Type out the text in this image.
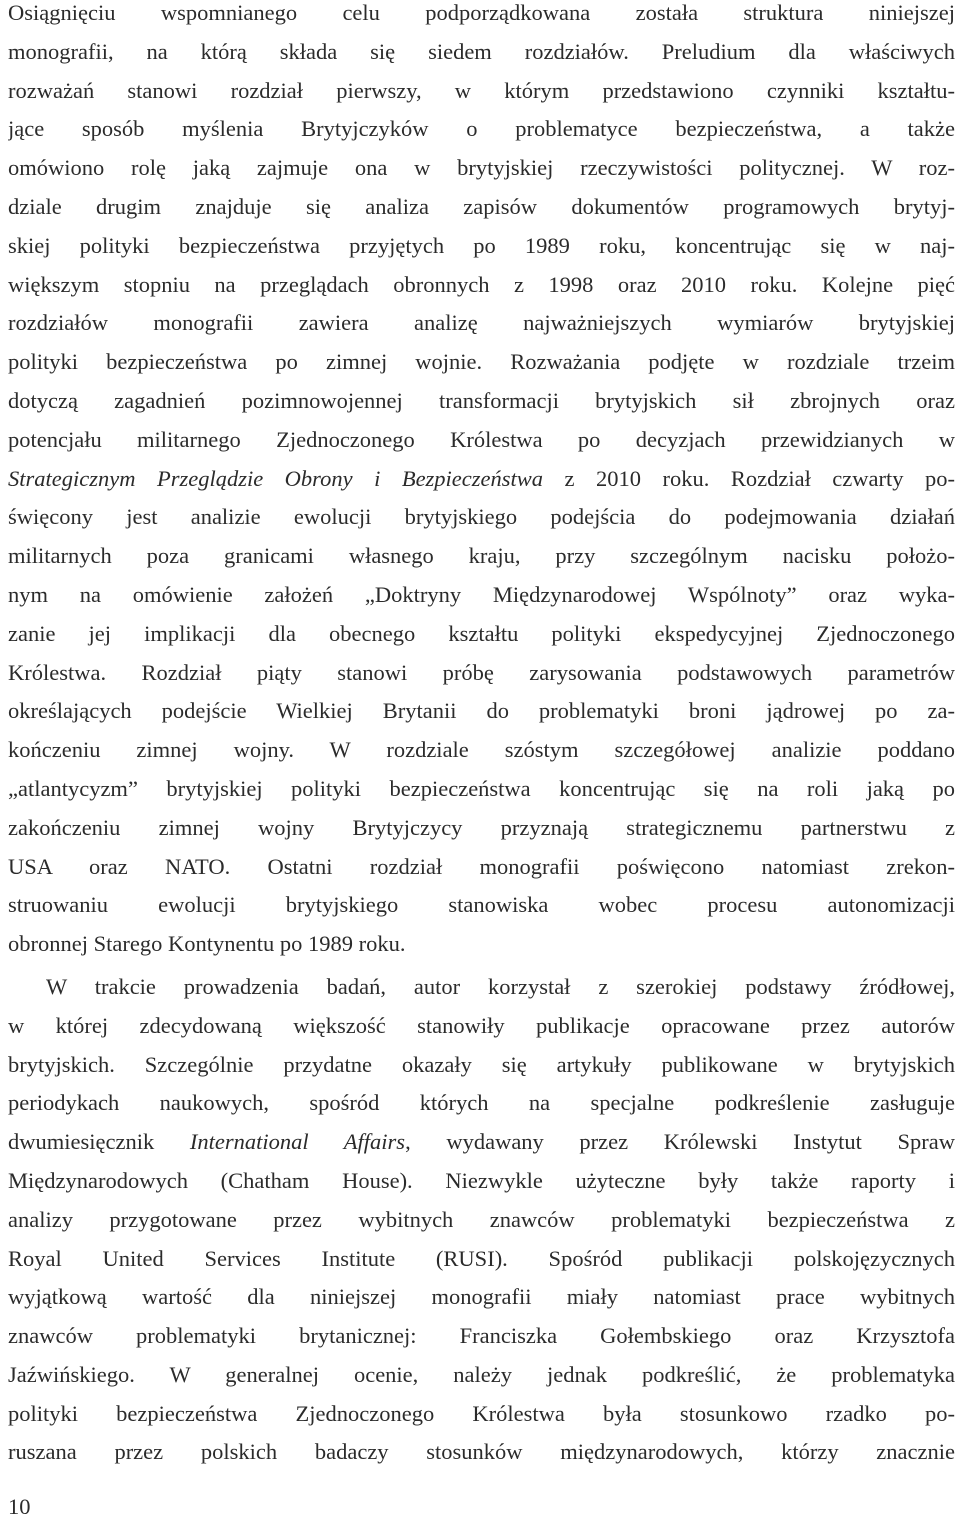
Osiągnięciu wspomnianego celu podporządkowana została struktura niniejszej
monografii, na którą składa się siedem rozdziałów. Preludium dla właściwych
rozważań stanowi rozdział pierwszy, w którym przedstawiono czynniki kształtu-
jące sposób myślenia Brytyjczyków o problematyce bezpieczeństwa, a także
omówiono rolę jaką zajmuje ona w brytyjskiej rzeczywistości politycznej. W roz-
dziale drugim znajduje się analiza zapisów dokumentów programowych brytyj-
skiej polityki bezpieczeństwa przyjętych po 1989 roku, koncentrując się w naj-
większym stopniu na przeglądach obronnych z 1998 oraz 2010 roku. Kolejne pięć
rozdziałów monografii zawiera analizę najważniejszych wymiarów brytyjskiej
polityki bezpieczeństwa po zimnej wojnie. Rozważania podjęte w rozdziale trzeim
dotyczą zagadnień pozimnowojennej transformacji brytyjskich sił zbrojnych oraz
potencjału militarnego Zjednoczonego Królestwa po decyzjach przewidzianych w
Strategicznym Przeglądzie Obrony i Bezpieczeństwa z 2010 roku. Rozdział czwarty po-
święcony jest analizie ewolucji brytyjskiego podejścia do podejmowania działań
militarnych poza granicami własnego kraju, przy szczególnym nacisku położo-
nym na omówienie założeń „Doktryny Międzynarodowej Wspólnoty” oraz wyka-
zanie jej implikacji dla obecnego kształtu polityki ekspedycyjnej Zjednoczonego
Królestwa. Rozdział piąty stanowi próbę zarysowania podstawowych parametrów
określających podejście Wielkiej Brytanii do problematyki broni jądrowej po za-
kończeniu zimnej wojny. W rozdziale szóstym szczegółowej analizie poddano
„atlantycyzm” brytyjskiej polityki bezpieczeństwa koncentrując się na roli jaką po
zakończeniu zimnej wojny Brytyjczycy przyznają strategicznemu partnerstwu z
USA oraz NATO. Ostatni rozdział monografii poświęcono natomiast zrekon-
struowaniu ewolucji brytyjskiego stanowiska wobec procesu autonomizacji
obronnej Starego Kontynentu po 1989 roku.
W trakcie prowadzenia badań, autor korzystał z szerokiej podstawy źródłowej,
w której zdecydowaną większość stanowiły publikacje opracowane przez autorów
brytyjskich. Szczególnie przydatne okazały się artykuły publikowane w brytyjskich
periodykach naukowych, spośród których na specjalne podkreślenie zasługuje
dwumiesięcznik International Affairs, wydawany przez Królewski Instytut Spraw
Międzynarodowych (Chatham House). Niezwykle użyteczne były także raporty i
analizy przygotowane przez wybitnych znawców problematyki bezpieczeństwa z
Royal United Services Institute (RUSI). Spośród publikacji polskojęzycznych
wyjątkową wartość dla niniejszej monografii miały natomiast prace wybitnych
znawców problematyki brytanicznej: Franciszka Gołembskiego oraz Krzysztofa
Jaźwińskiego. W generalnej ocenie, należy jednak podkreślić, że problematyka
polityki bezpieczeństwa Zjednoczonego Królestwa była stosunkowo rzadko po-
ruszana przez polskich badaczy stosunków międzynarodowych, którzy znacznie
10
